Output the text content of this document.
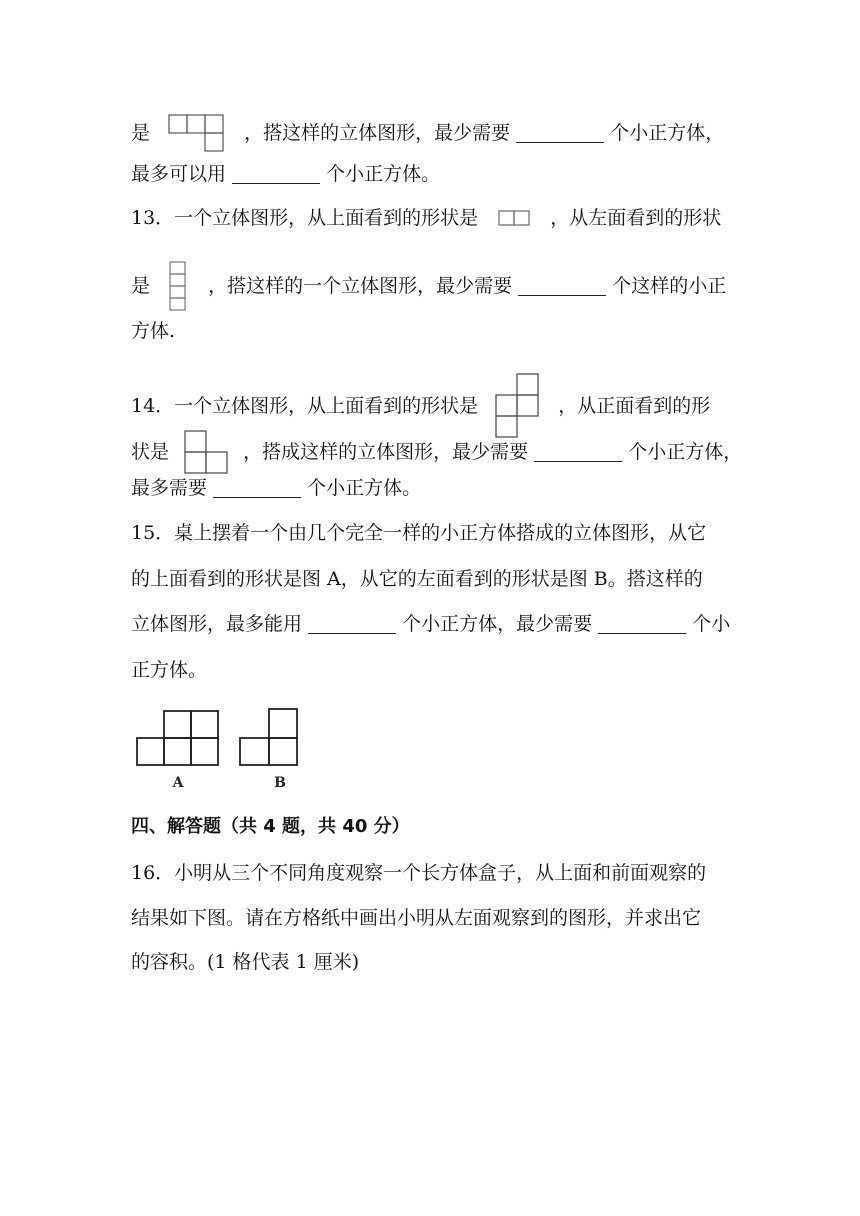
是	，搭这样的立体图形，最少需要	个小正方体，
最多可以用	个小正方体。
13．一个立体图形，从上面看到的形状是	，从左面看到的形状
是	，搭这样的一个立体图形，最少需要	个这样的小正
方体.
14．一个立体图形，从上面看到的形状是	，从正面看到的形
状是	，搭成这样的立体图形，最少需要	个小正方体，
最多需要	个小正方体。
15．桌上摆着一个由几个完全一样的小正方体搭成的立体图形，从它
的上面看到的形状是图 A，从它的左面看到的形状是图 B。搭这样的
立体图形，最多能用	个小正方体，最少需要	个小
正方体。
A	B
四、解答题（共 4 题，共 40 分）
16．小明从三个不同角度观察一个长方体盒子，从上面和前面观察的
结果如下图。请在方格纸中画出小明从左面观察到的图形，并求出它
的容积。(1 格代表 1 厘米)
